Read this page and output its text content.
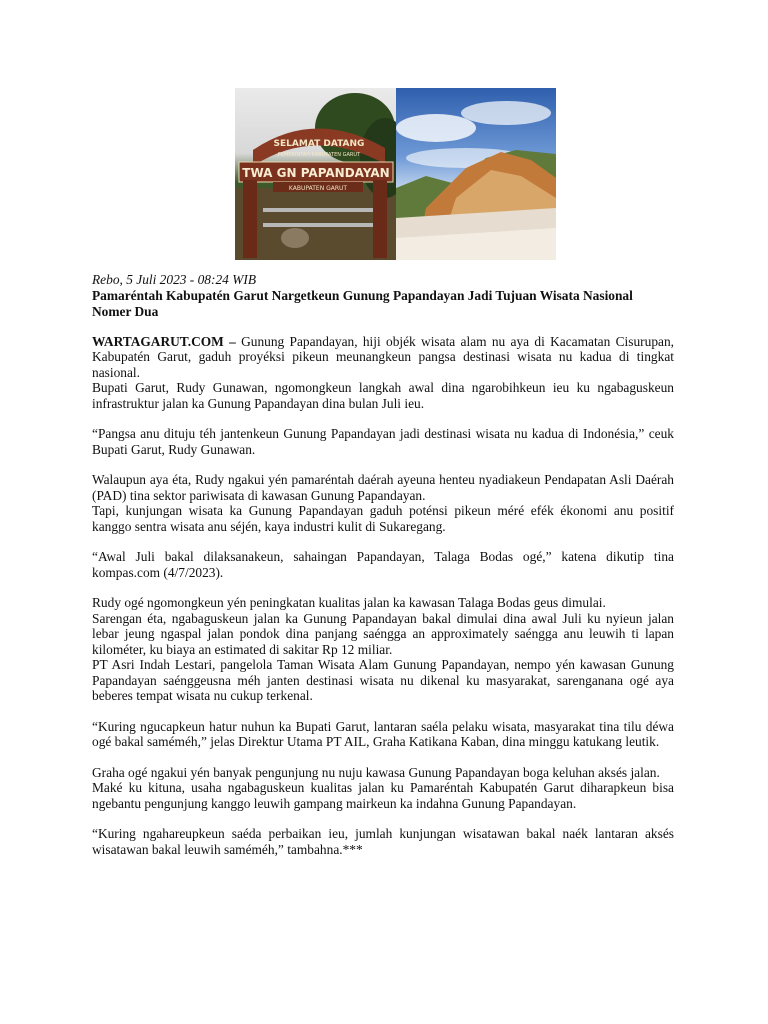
SELAMAT DATANG
PEMERINTAH KABUPATEN GARUT
TWA GN PAPANDAYAN
KABUPATEN GARUT

Rebo, 5 Juli 2023 - 08:24 WIB

Pamaréntah Kabupatén Garut Nargetkeun Gunung Papandayan Jadi Tujuan Wisata Nasional Nomer Dua

WARTAGARUT.COM – Gunung Papandayan, hiji objék wisata alam nu aya di Kacamatan Cisurupan, Kabupatén Garut, gaduh proyéksi pikeun meunangkeun pangsa destinasi wisata nu kadua di tingkat nasional.

Bupati Garut, Rudy Gunawan, ngomongkeun langkah awal dina ngarobihkeun ieu ku ngabaguskeun infrastruktur jalan ka Gunung Papandayan dina bulan Juli ieu.

“Pangsa anu dituju téh jantenkeun Gunung Papandayan jadi destinasi wisata nu kadua di Indonésia,” ceuk Bupati Garut, Rudy Gunawan.

Walaupun aya éta, Rudy ngakui yén pamaréntah daérah ayeuna henteu nyadiakeun Pendapatan Asli Daérah (PAD) tina sektor pariwisata di kawasan Gunung Papandayan.

Tapi, kunjungan wisata ka Gunung Papandayan gaduh poténsi pikeun méré efék ékonomi anu positif kanggo sentra wisata anu séjén, kaya industri kulit di Sukaregang.

“Awal Juli bakal dilaksanakeun, sahaingan Papandayan, Talaga Bodas ogé,” katena dikutip tina kompas.com (4/7/2023).

Rudy ogé ngomongkeun yén peningkatan kualitas jalan ka kawasan Talaga Bodas geus dimulai.

Sarengan éta, ngabaguskeun jalan ka Gunung Papandayan bakal dimulai dina awal Juli ku nyieun jalan lebar jeung ngaspal jalan pondok dina panjang saéngga an approximately saéngga anu leuwih ti lapan kilométer, ku biaya an estimated di sakitar Rp 12 miliar.

PT Asri Indah Lestari, pangelola Taman Wisata Alam Gunung Papandayan, nempo yén kawasan Gunung Papandayan saénggeusna méh janten destinasi wisata nu dikenal ku masyarakat, sarenganana ogé aya beberes tempat wisata nu cukup terkenal.

“Kuring ngucapkeun hatur nuhun ka Bupati Garut, lantaran saéla pelaku wisata, masyarakat tina tilu déwa ogé bakal saméméh,” jelas Direktur Utama PT AIL, Graha Katikana Kaban, dina minggu katukang leutik.

Graha ogé ngakui yén banyak pengunjung nu nuju kawasa Gunung Papandayan boga keluhan aksés jalan.

Maké ku kituna, usaha ngabaguskeun kualitas jalan ku Pamaréntah Kabupatén Garut diharapkeun bisa ngebantu pengunjung kanggo leuwih gampang mairkeun ka indahna Gunung Papandayan.

“Kuring ngahareupkeun saéda perbaikan ieu, jumlah kunjungan wisatawan bakal naék lantaran aksés wisatawan bakal leuwih saméméh,” tambahna.***
